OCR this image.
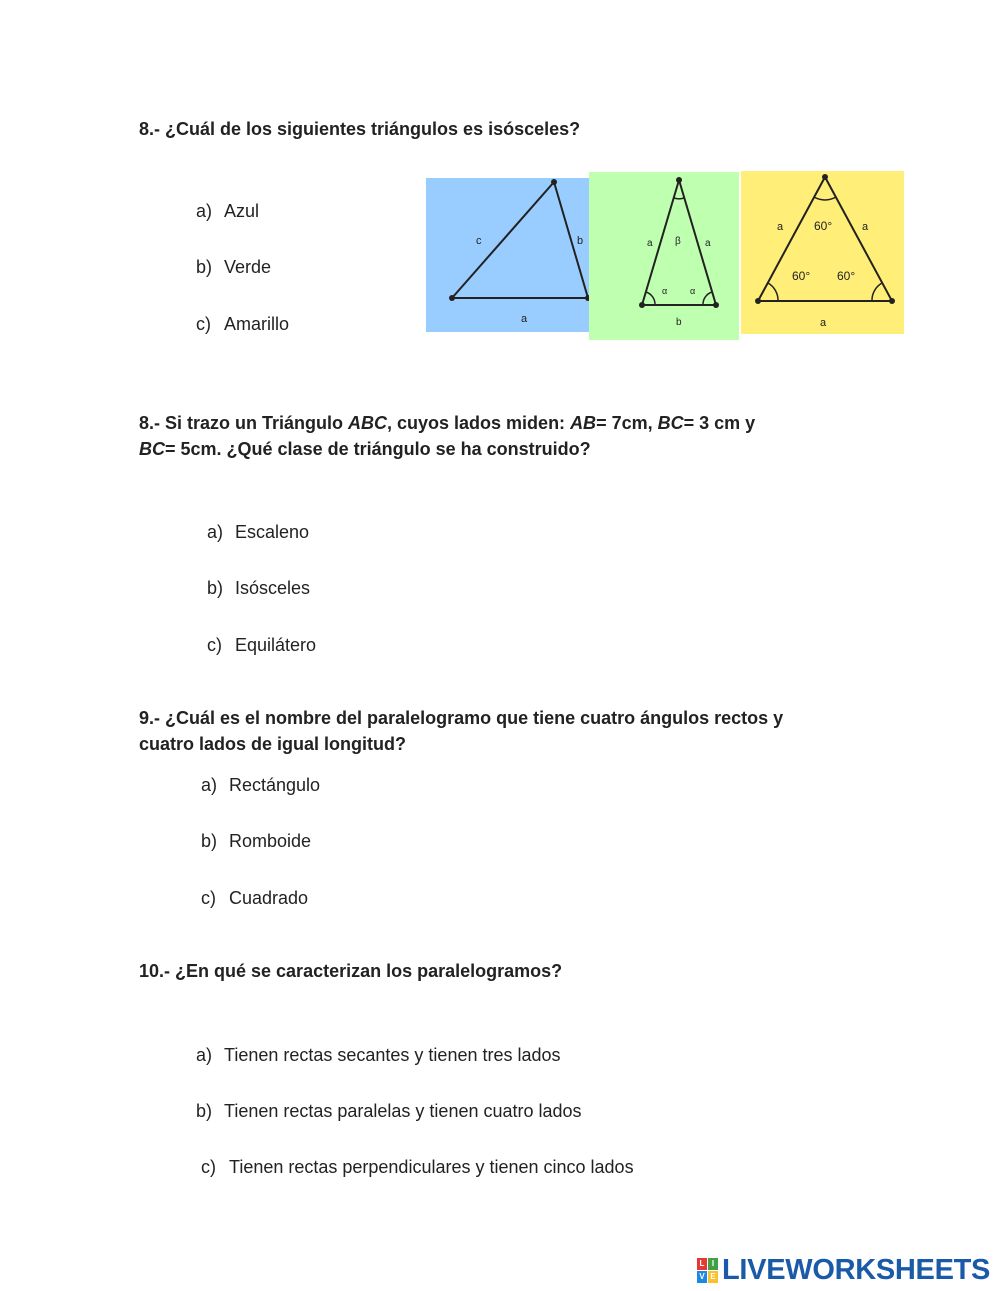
8.- ¿Cuál de los siguientes triángulos es isósceles?

a) Azul

b) Verde

c) Amarillo

c	b
a
a	a
b
β
α	α
a	a
a
60°
60° 60°

8.- Si trazo un Triángulo ABC, cuyos lados miden: AB= 7cm, BC= 3 cm y
BC= 5cm. ¿Qué clase de triángulo se ha construido?

a) Escaleno

b) Isósceles

c) Equilátero

9.- ¿Cuál es el nombre del paralelogramo que tiene cuatro ángulos rectos y
cuatro lados de igual longitud?

a) Rectángulo

b) Romboide

c) Cuadrado

10.- ¿En qué se caracterizan los paralelogramos?

a) Tienen rectas secantes y tienen tres lados

b) Tienen rectas paralelas y tienen cuatro lados

c) Tienen rectas perpendiculares y tienen cinco lados

L I
V E LIVEWORKSHEETS
